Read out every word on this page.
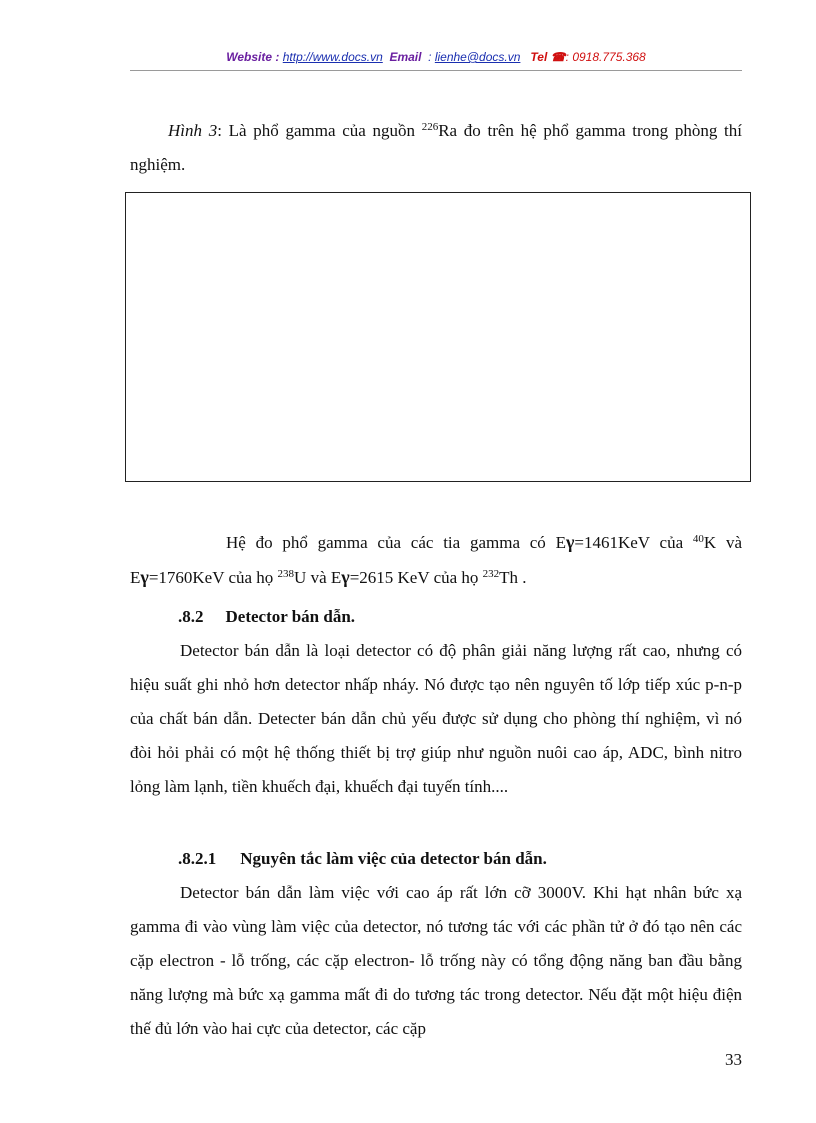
Website : http://www.docs.vn Email : lienhe@docs.vn Tel ☎: 0918.775.368

Hình 3: Là phổ gamma của nguồn $^{226}$Ra đo trên hệ phổ gamma trong phòng thí nghiệm.

Hệ đo phổ gamma của các tia gamma có Eγ=1461KeV của $^{40}$K và Eγ=1760KeV của họ $^{238}$U và Eγ=2615 KeV của họ $^{232}$Th .

.8.2 Detector bán dẫn.

Detector bán dẫn là loại detector có độ phân giải năng lượng rất cao, nhưng có hiệu suất ghi nhỏ hơn detector nhấp nháy. Nó được tạo nên nguyên tố lớp tiếp xúc p-n-p của chất bán dẫn. Detecter bán dẫn chủ yếu được sử dụng cho phòng thí nghiệm, vì nó đòi hỏi phải có một hệ thống thiết bị trợ giúp như nguồn nuôi cao áp, ADC, bình nitro lỏng làm lạnh, tiền khuếch đại, khuếch đại tuyến tính....

.8.2.1 Nguyên tắc làm việc của detector bán dẫn.

Detector bán dẫn làm việc với cao áp rất lớn cỡ 3000V. Khi hạt nhân bức xạ gamma đi vào vùng làm việc của detector, nó tương tác với các phần tử ở đó tạo nên các cặp electron - lỗ trống, các cặp electron- lỗ trống này có tổng động năng ban đầu bằng năng lượng mà bức xạ gamma mất đi do tương tác trong detector. Nếu đặt một hiệu điện thế đủ lớn vào hai cực của detector, các cặp

33
